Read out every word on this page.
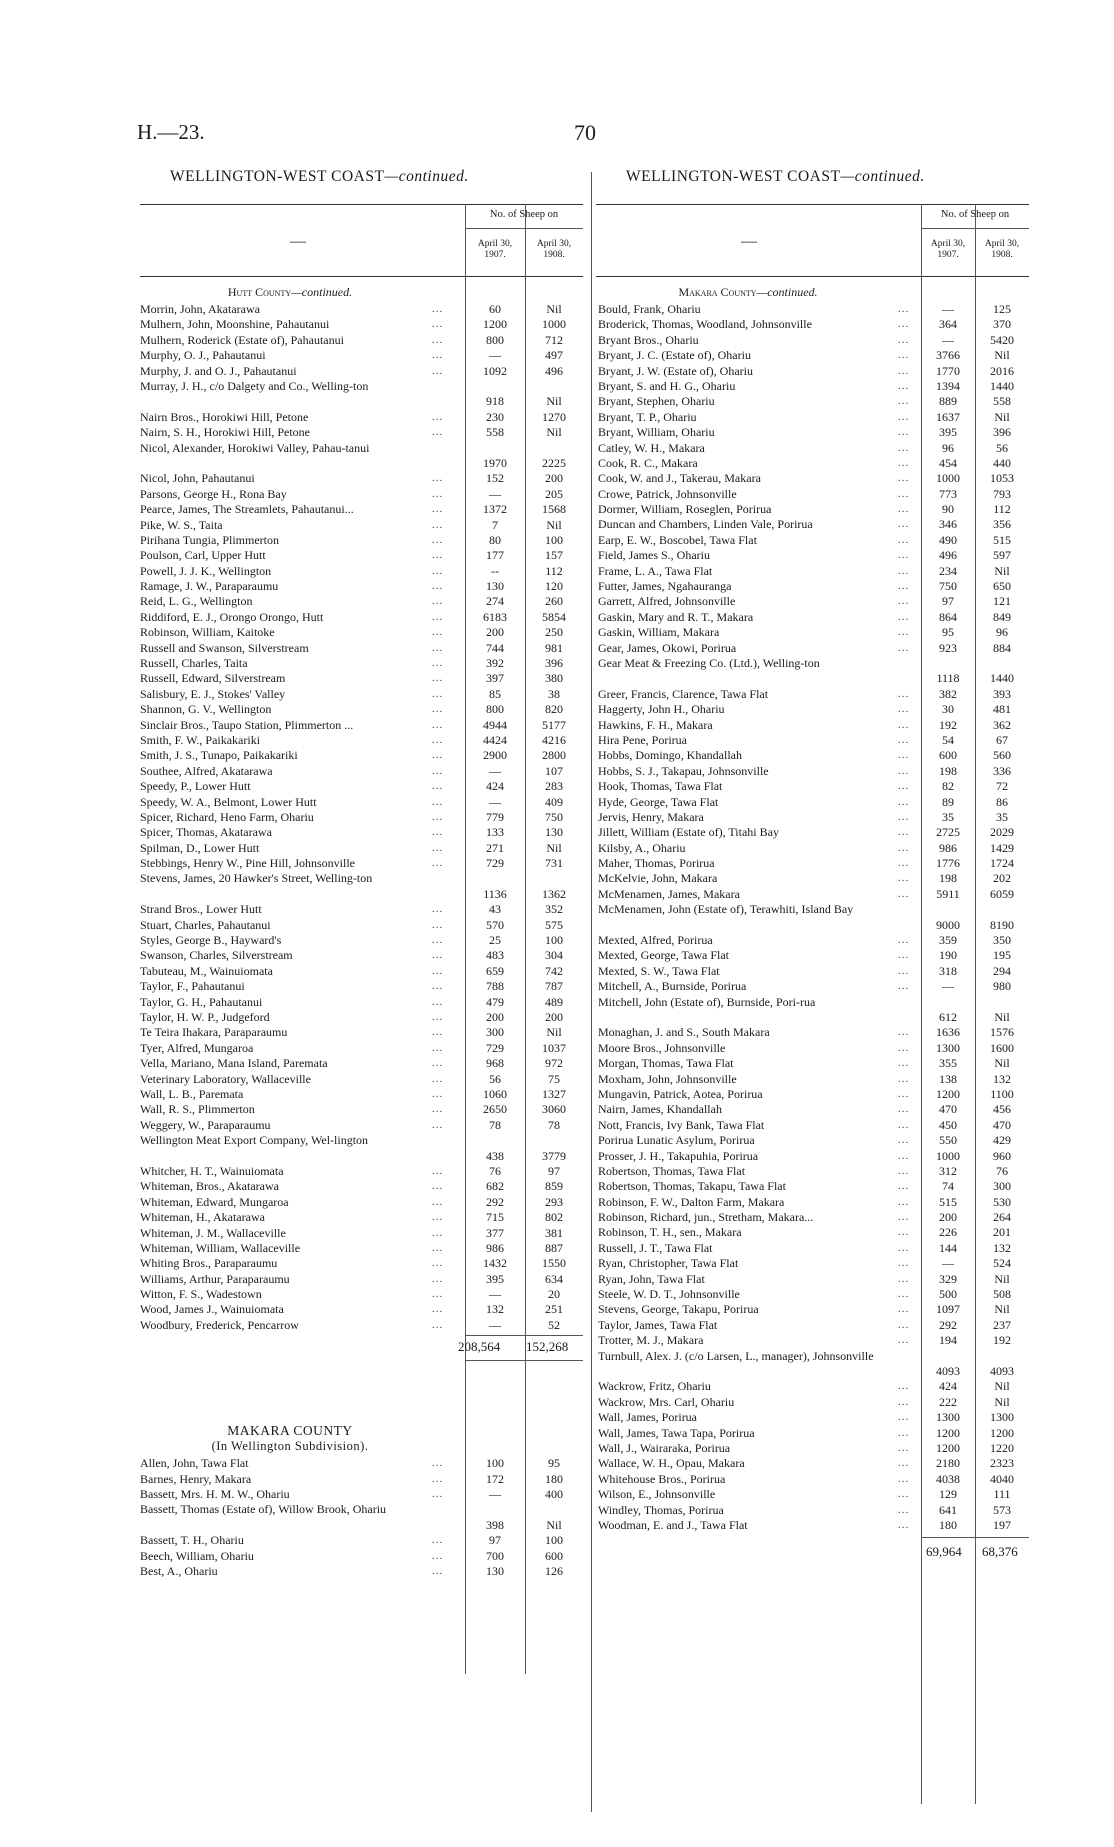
H.—23.	70
WELLINGTON-WEST COAST—continued.
—
No. of Sheep on
April 30,
1907.
April 30,
1908.
Hutt County—continued.
Morrin, John, Akatarawa	...	60	Nil
Mulhern, John, Moonshine, Pahautanui	...	1200	1000
Mulhern, Roderick (Estate of), Pahautanui	...	800	712
Murphy, O. J., Pahautanui	...	—	497
Murphy, J. and O. J., Pahautanui	...	1092	496
Murray, J. H., c/o Dalgety and Co., Welling-ton
918	Nil
Nairn Bros., Horokiwi Hill, Petone	...	230	1270
Nairn, S. H., Horokiwi Hill, Petone	...	558	Nil
Nicol, Alexander, Horokiwi Valley, Pahau-tanui
1970	2225
Nicol, John, Pahautanui	...	152	200
Parsons, George H., Rona Bay	...	—	205
Pearce, James, The Streamlets, Pahautanui...	...	1372	1568
Pike, W. S., Taita	...	7	Nil
Pirihana Tungia, Plimmerton	...	80	100
Poulson, Carl, Upper Hutt	...	177	157
Powell, J. J. K., Wellington	...	--	112
Ramage, J. W., Paraparaumu	...	130	120
Reid, L. G., Wellington	...	274	260
Riddiford, E. J., Orongo Orongo, Hutt	...	6183	5854
Robinson, William, Kaitoke	...	200	250
Russell and Swanson, Silverstream	...	744	981
Russell, Charles, Taita	...	392	396
Russell, Edward, Silverstream	...	397	380
Salisbury, E. J., Stokes' Valley	...	85	38
Shannon, G. V., Wellington	...	800	820
Sinclair Bros., Taupo Station, Plimmerton ...	...	4944	5177
Smith, F. W., Paikakariki	...	4424	4216
Smith, J. S., Tunapo, Paikakariki	...	2900	2800
Southee, Alfred, Akatarawa	...	—	107
Speedy, P., Lower Hutt	...	424	283
Speedy, W. A., Belmont, Lower Hutt	...	—	409
Spicer, Richard, Heno Farm, Ohariu	...	779	750
Spicer, Thomas, Akatarawa	...	133	130
Spilman, D., Lower Hutt	...	271	Nil
Stebbings, Henry W., Pine Hill, Johnsonville	...	729	731
Stevens, James, 20 Hawker's Street, Welling-ton
1136	1362
Strand Bros., Lower Hutt	...	43	352
Stuart, Charles, Pahautanui	...	570	575
Styles, George B., Hayward's	...	25	100
Swanson, Charles, Silverstream	...	483	304
Tabuteau, M., Wainuiomata	...	659	742
Taylor, F., Pahautanui	...	788	787
Taylor, G. H., Pahautanui	...	479	489
Taylor, H. W. P., Judgeford	...	200	200
Te Teira Ihakara, Paraparaumu	...	300	Nil
Tyer, Alfred, Mungaroa	...	729	1037
Vella, Mariano, Mana Island, Paremata	...	968	972
Veterinary Laboratory, Wallaceville	...	56	75
Wall, L. B., Paremata	...	1060	1327
Wall, R. S., Plimmerton	...	2650	3060
Weggery, W., Paraparaumu	...	78	78
Wellington Meat Export Company, Wel-lington
438	3779
Whitcher, H. T., Wainuiomata	...	76	97
Whiteman, Bros., Akatarawa	...	682	859
Whiteman, Edward, Mungaroa	...	292	293
Whiteman, H., Akatarawa	...	715	802
Whiteman, J. M., Wallaceville	...	377	381
Whiteman, William, Wallaceville	...	986	887
Whiting Bros., Paraparaumu	...	1432	1550
Williams, Arthur, Paraparaumu	...	395	634
Witton, F. S., Wadestown	...	—	20
Wood, James J., Wainuiomata	...	132	251
Woodbury, Frederick, Pencarrow	...	—	52
208,564 152,268
MAKARA COUNTY
(In Wellington Subdivision).
Allen, John, Tawa Flat	...	100	95
Barnes, Henry, Makara	...	172	180
Bassett, Mrs. H. M. W., Ohariu	...	—	400
Bassett, Thomas (Estate of), Willow Brook, Ohariu
398	Nil
Bassett, T. H., Ohariu	...	97	100
Beech, William, Ohariu	...	700	600
Best, A., Ohariu	...	130	126
WELLINGTON-WEST COAST—continued.
—
No. of Sheep on
April 30,
1907.
April 30,
1908.
Makara County—continued.
Bould, Frank, Ohariu	...	—	125
Broderick, Thomas, Woodland, Johnsonville	...	364	370
Bryant Bros., Ohariu	...	—	5420
Bryant, J. C. (Estate of), Ohariu	...	3766	Nil
Bryant, J. W. (Estate of), Ohariu	...	1770	2016
Bryant, S. and H. G., Ohariu	...	1394	1440
Bryant, Stephen, Ohariu	...	889	558
Bryant, T. P., Ohariu	...	1637	Nil
Bryant, William, Ohariu	...	395	396
Catley, W. H., Makara	...	96	56
Cook, R. C., Makara	...	454	440
Cook, W. and J., Takerau, Makara	...	1000	1053
Crowe, Patrick, Johnsonville	...	773	793
Dormer, William, Roseglen, Porirua	...	90	112
Duncan and Chambers, Linden Vale, Porirua	...	346	356
Earp, E. W., Boscobel, Tawa Flat	...	490	515
Field, James S., Ohariu	...	496	597
Frame, L. A., Tawa Flat	...	234	Nil
Futter, James, Ngahauranga	...	750	650
Garrett, Alfred, Johnsonville	...	97	121
Gaskin, Mary and R. T., Makara	...	864	849
Gaskin, William, Makara	...	95	96
Gear, James, Okowi, Porirua	...	923	884
Gear Meat & Freezing Co. (Ltd.), Welling-ton
1118	1440
Greer, Francis, Clarence, Tawa Flat	...	382	393
Haggerty, John H., Ohariu	...	30	481
Hawkins, F. H., Makara	...	192	362
Hira Pene, Porirua	...	54	67
Hobbs, Domingo, Khandallah	...	600	560
Hobbs, S. J., Takapau, Johnsonville	...	198	336
Hook, Thomas, Tawa Flat	...	82	72
Hyde, George, Tawa Flat	...	89	86
Jervis, Henry, Makara	...	35	35
Jillett, William (Estate of), Titahi Bay	...	2725	2029
Kilsby, A., Ohariu	...	986	1429
Maher, Thomas, Porirua	...	1776	1724
McKelvie, John, Makara	...	198	202
McMenamen, James, Makara	...	5911	6059
McMenamen, John (Estate of), Terawhiti, Island Bay
9000	8190
Mexted, Alfred, Porirua	...	359	350
Mexted, George, Tawa Flat	...	190	195
Mexted, S. W., Tawa Flat	...	318	294
Mitchell, A., Burnside, Porirua	...	—	980
Mitchell, John (Estate of), Burnside, Pori-rua
612	Nil
Monaghan, J. and S., South Makara	...	1636	1576
Moore Bros., Johnsonville	...	1300	1600
Morgan, Thomas, Tawa Flat	...	355	Nil
Moxham, John, Johnsonville	...	138	132
Mungavin, Patrick, Aotea, Porirua	...	1200	1100
Nairn, James, Khandallah	...	470	456
Nott, Francis, Ivy Bank, Tawa Flat	...	450	470
Porirua Lunatic Asylum, Porirua	...	550	429
Prosser, J. H., Takapuhia, Porirua	...	1000	960
Robertson, Thomas, Tawa Flat	...	312	76
Robertson, Thomas, Takapu, Tawa Flat	...	74	300
Robinson, F. W., Dalton Farm, Makara	...	515	530
Robinson, Richard, jun., Stretham, Makara...	...	200	264
Robinson, T. H., sen., Makara	...	226	201
Russell, J. T., Tawa Flat	...	144	132
Ryan, Christopher, Tawa Flat	...	—	524
Ryan, John, Tawa Flat	...	329	Nil
Steele, W. D. T., Johnsonville	...	500	508
Stevens, George, Takapu, Porirua	...	1097	Nil
Taylor, James, Tawa Flat	...	292	237
Trotter, M. J., Makara	...	194	192
Turnbull, Alex. J. (c/o Larsen, L., manager), Johnsonville
4093	4093
Wackrow, Fritz, Ohariu	...	424	Nil
Wackrow, Mrs. Carl, Ohariu	...	222	Nil
Wall, James, Porirua	...	1300	1300
Wall, James, Tawa Tapa, Porirua	...	1200	1200
Wall, J., Wairaraka, Porirua	...	1200	1220
Wallace, W. H., Opau, Makara	...	2180	2323
Whitehouse Bros., Porirua	...	4038	4040
Wilson, E., Johnsonville	...	129	111
Windley, Thomas, Porirua	...	641	573
Woodman, E. and J., Tawa Flat	...	180	197
69,964 68,376
